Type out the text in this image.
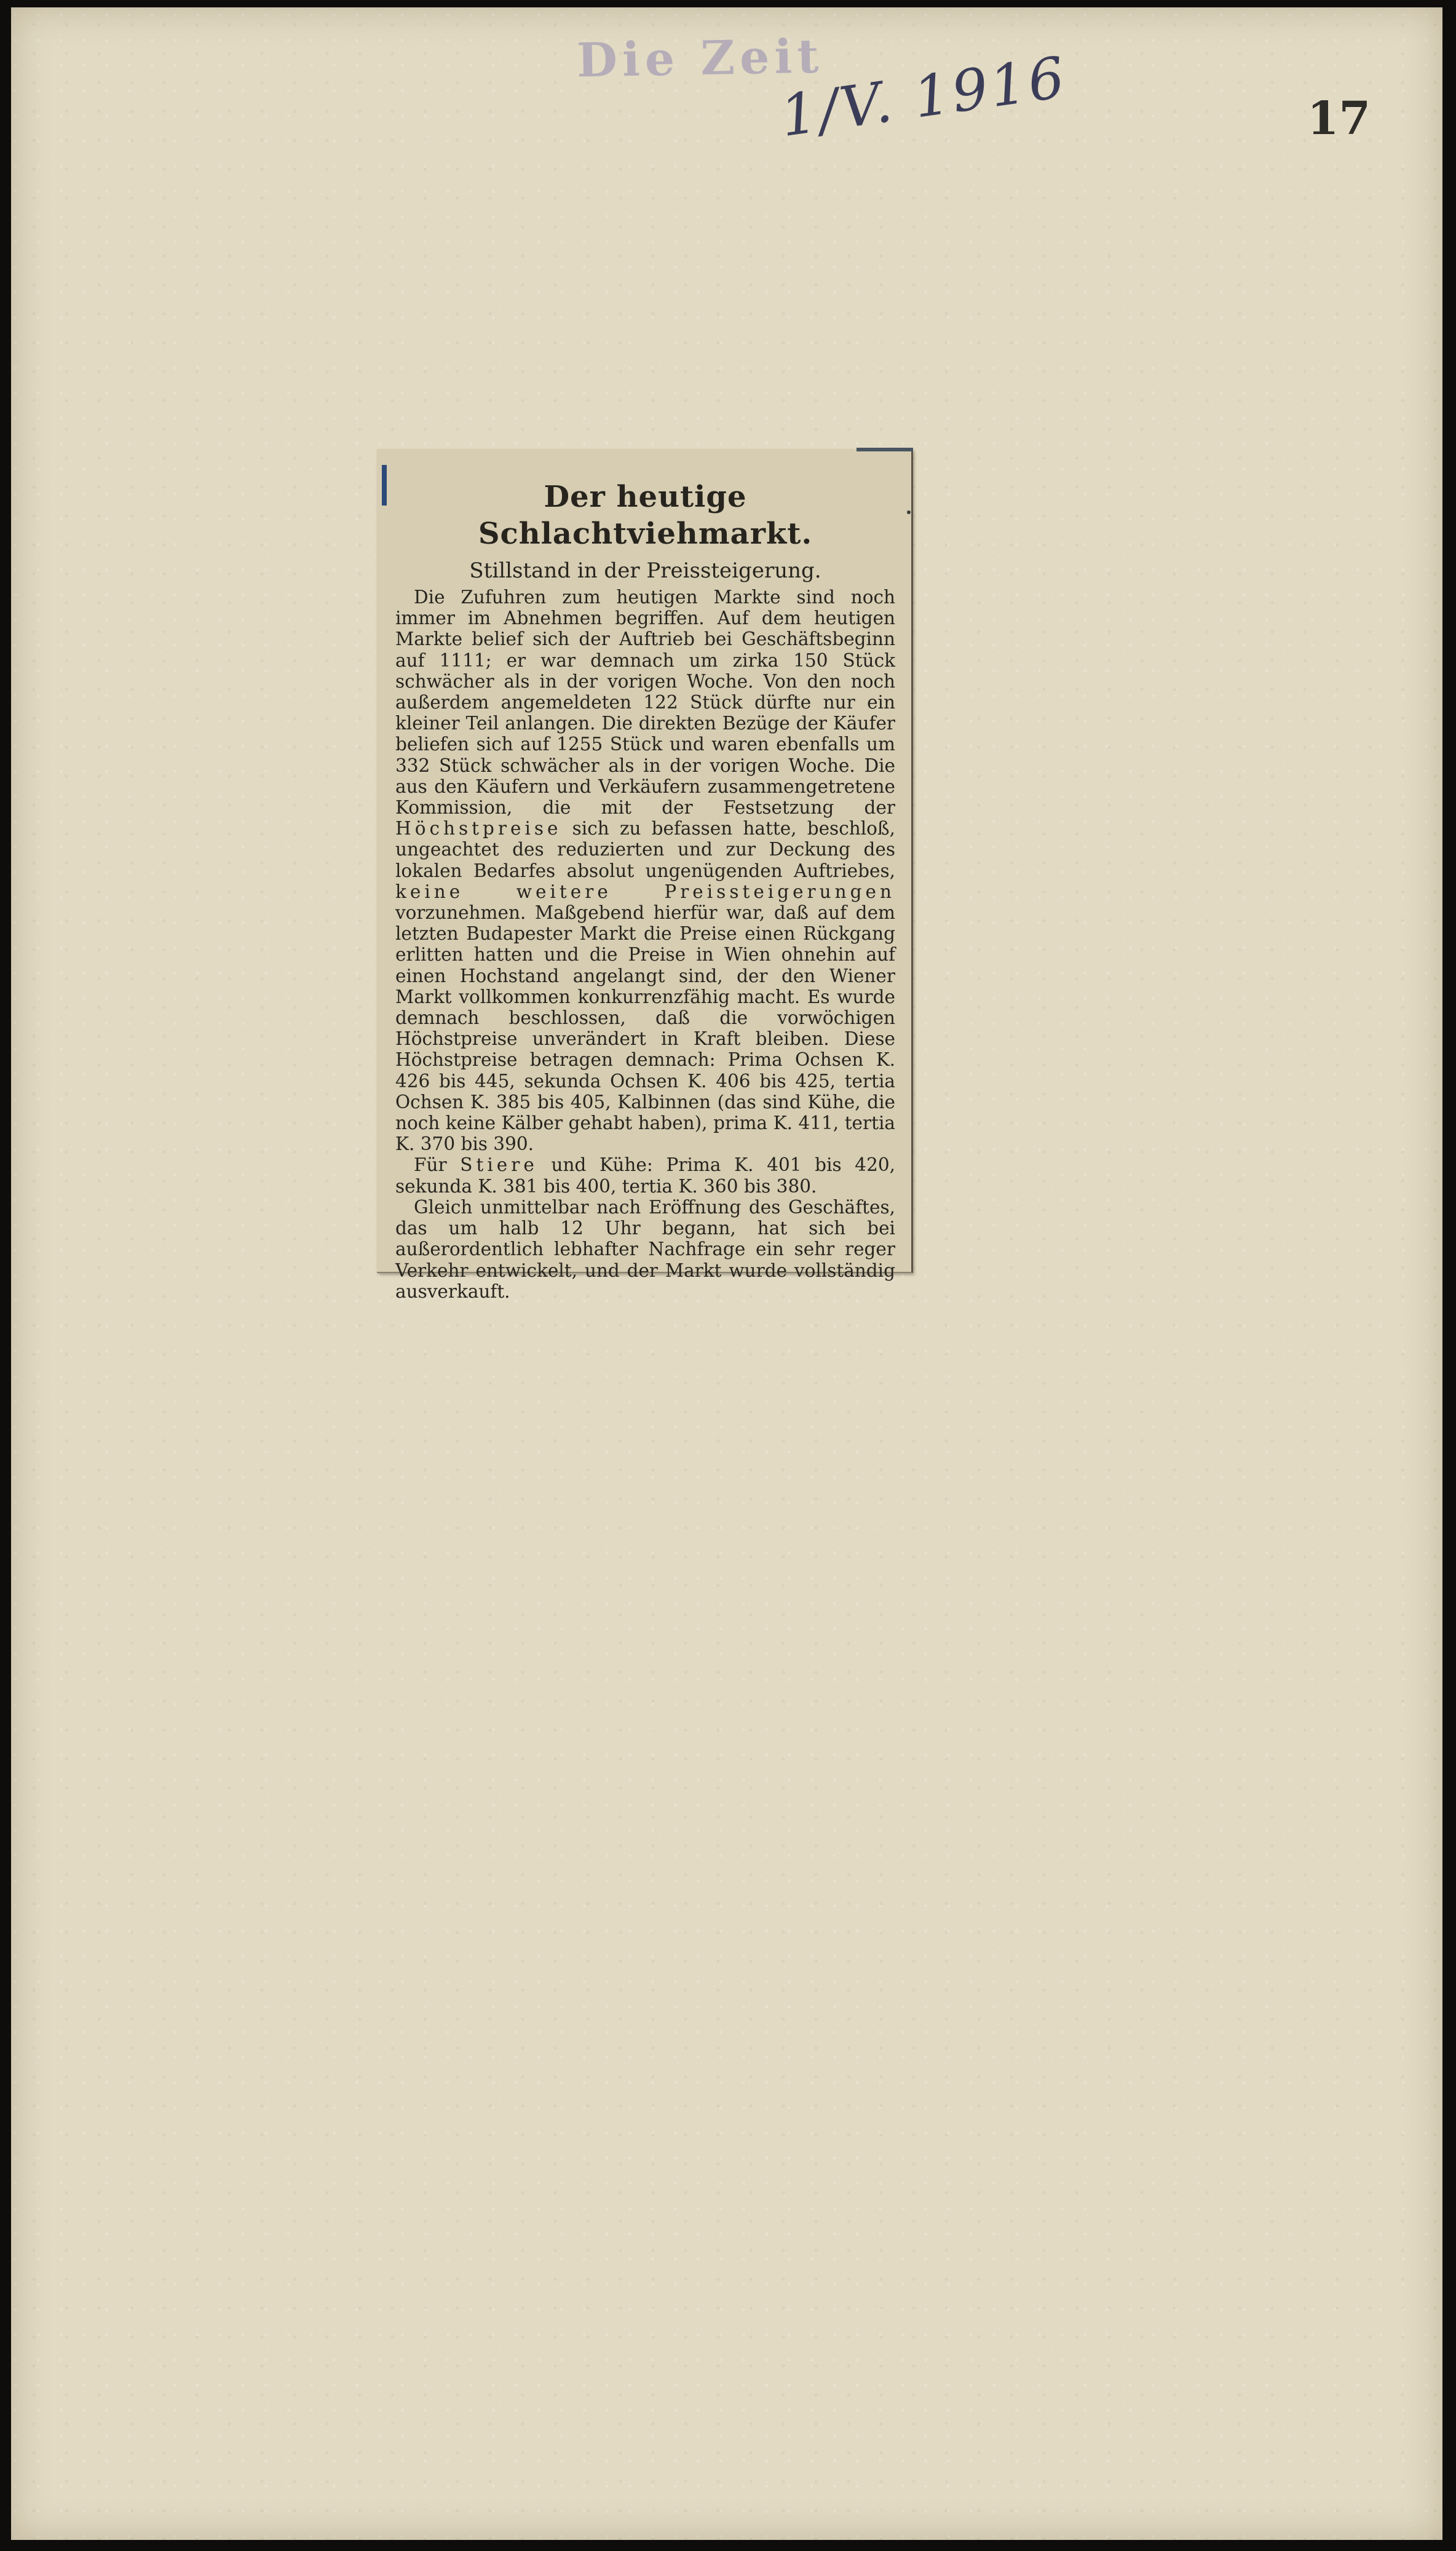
Die Zeit
1/V. 1916	17
Der heutige Schlachtviehmarkt.

Stillstand in der Preissteigerung.

Die Zufuhren zum heutigen Markte sind noch immer im Abnehmen begriffen. Auf dem heutigen Markte belief sich der Auftrieb bei Geschäftsbeginn auf 1111; er war demnach um zirka 150 Stück schwächer als in der vorigen Woche. Von den noch außerdem angemeldeten 122 Stück dürfte nur ein kleiner Teil anlangen. Die direkten Bezüge der Käufer beliefen sich auf 1255 Stück und waren ebenfalls um 332 Stück schwächer als in der vorigen Woche. Die aus den Käufern und Verkäufern zusammengetretene Kommission, die mit der Festsetzung der Höchstpreise sich zu befassen hatte, beschloß, ungeachtet des reduzierten und zur Deckung des lokalen Bedarfes absolut ungenügenden Auftriebes, keine weitere Preissteigerungen vorzunehmen. Maßgebend hierfür war, daß auf dem letzten Budapester Markt die Preise einen Rückgang erlitten hatten und die Preise in Wien ohnehin auf einen Hochstand angelangt sind, der den Wiener Markt vollkommen konkurrenzfähig macht. Es wurde demnach beschlossen, daß die vorwöchigen Höchstpreise unverändert in Kraft bleiben. Diese Höchstpreise betragen demnach: Prima Ochsen K. 426 bis 445, sekunda Ochsen K. 406 bis 425, tertia Ochsen K. 385 bis 405, Kalbinnen (das sind Kühe, die noch keine Kälber gehabt haben), prima K. 411, tertia K. 370 bis 390.

Für Stiere und Kühe: Prima K. 401 bis 420, sekunda K. 381 bis 400, tertia K. 360 bis 380.

Gleich unmittelbar nach Eröffnung des Geschäftes, das um halb 12 Uhr begann, hat sich bei außerordentlich lebhafter Nachfrage ein sehr reger Verkehr entwickelt, und der Markt wurde vollständig ausverkauft.
